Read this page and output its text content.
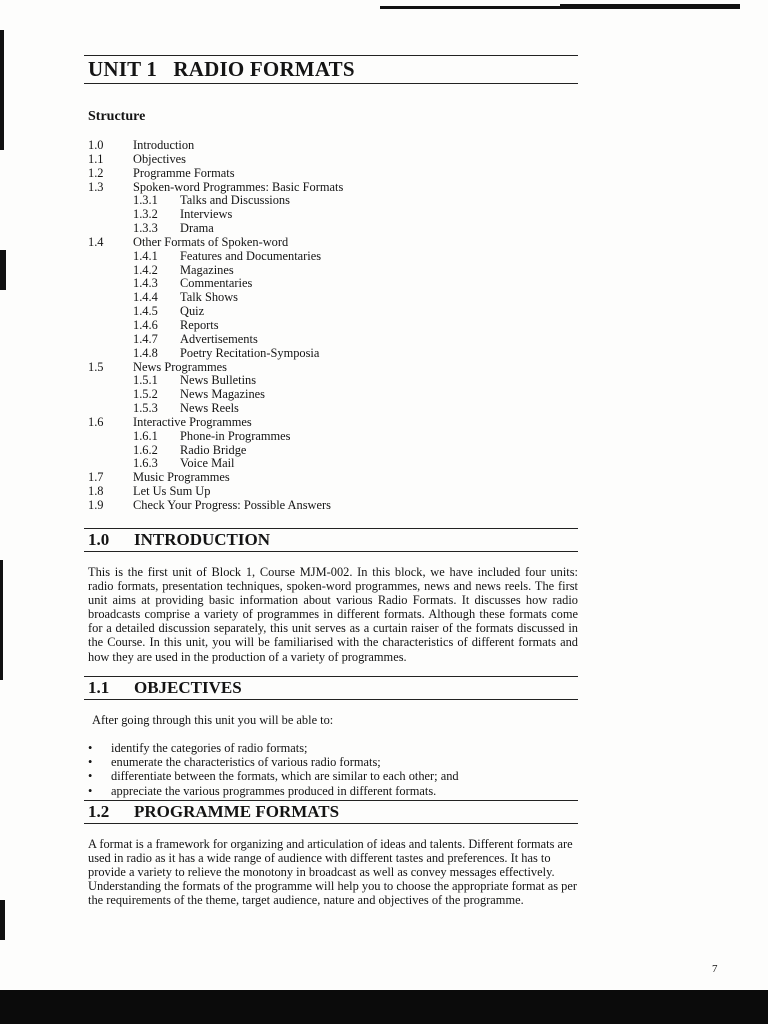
UNIT 1   RADIO FORMATS
Structure
1.0 Introduction
1.1 Objectives
1.2 Programme Formats
1.3 Spoken-word Programmes: Basic Formats
1.3.1 Talks and Discussions
1.3.2 Interviews
1.3.3 Drama
1.4 Other Formats of Spoken-word
1.4.1 Features and Documentaries
1.4.2 Magazines
1.4.3 Commentaries
1.4.4 Talk Shows
1.4.5 Quiz
1.4.6 Reports
1.4.7 Advertisements
1.4.8 Poetry Recitation-Symposia
1.5 News Programmes
1.5.1 News Bulletins
1.5.2 News Magazines
1.5.3 News Reels
1.6 Interactive Programmes
1.6.1 Phone-in Programmes
1.6.2 Radio Bridge
1.6.3 Voice Mail
1.7 Music Programmes
1.8 Let Us Sum Up
1.9 Check Your Progress: Possible Answers
1.0 INTRODUCTION
This is the first unit of Block 1, Course MJM-002. In this block, we have included four units: radio formats, presentation techniques, spoken-word programmes, news and news reels. The first unit aims at providing basic information about various Radio Formats. It discusses how radio broadcasts comprise a variety of programmes in different formats. Although these formats come for a detailed discussion separately, this unit serves as a curtain raiser of the formats discussed in the Course. In this unit, you will be familiarised with the characteristics of different formats and how they are used in the production of a variety of programmes.
1.1 OBJECTIVES
After going through this unit you will be able to:
• identify the categories of radio formats;
• enumerate the characteristics of various radio formats;
• differentiate between the formats, which are similar to each other; and
• appreciate the various programmes produced in different formats.
1.2 PROGRAMME FORMATS
A format is a framework for organizing and articulation of ideas and talents. Different formats are used in radio as it has a wide range of audience with different tastes and preferences. It has to provide a variety to relieve the monotony in broadcast as well as convey messages effectively. Understanding the formats of the programme will help you to choose the appropriate format as per the requirements of the theme, target audience, nature and objectives of the programme.
7
